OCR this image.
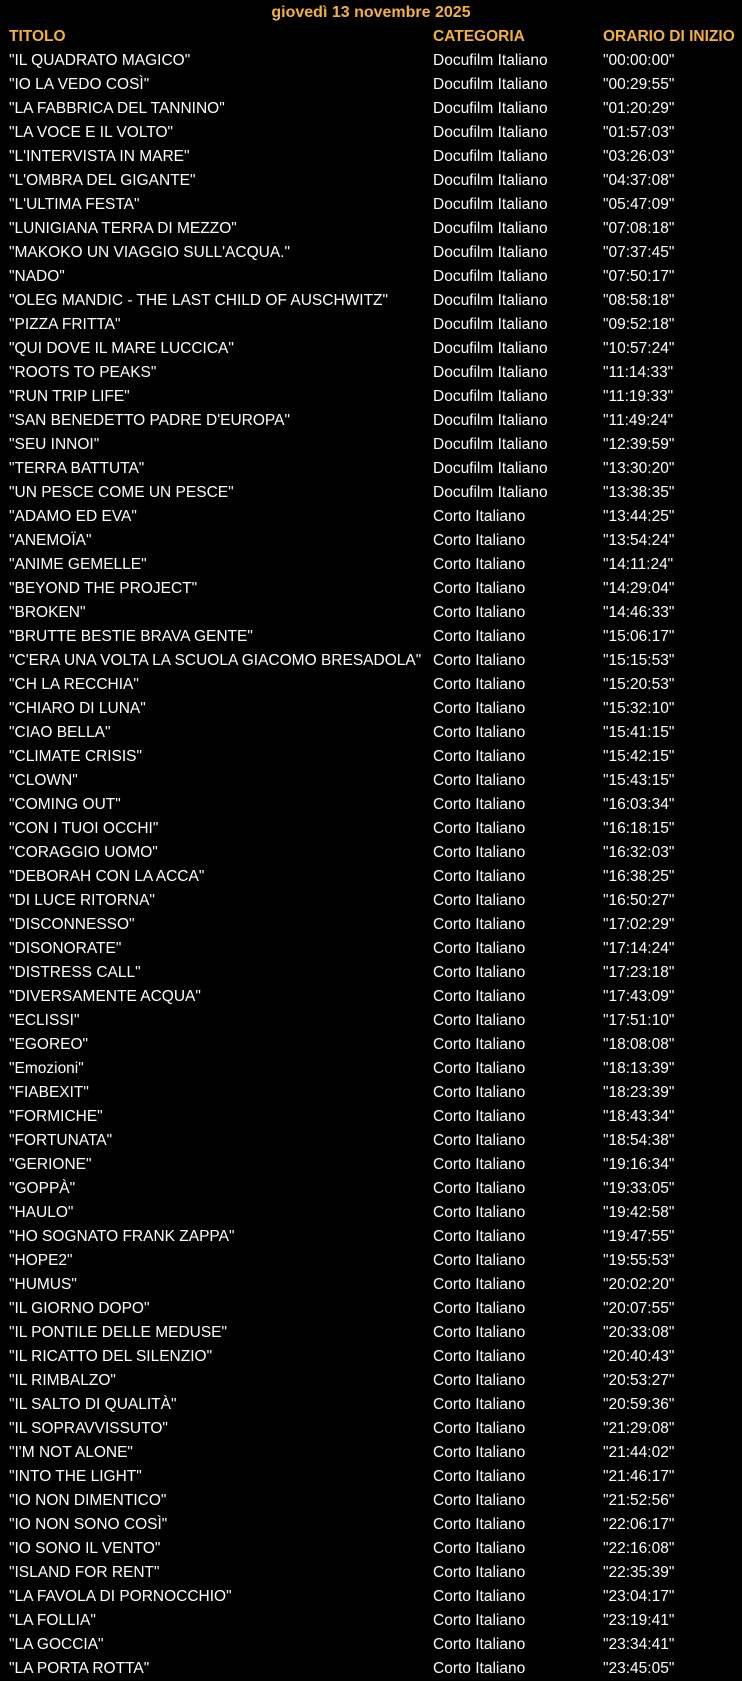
giovedì 13 novembre 2025
TITOLO	CATEGORIA	ORARIO DI INIZIO
"IL QUADRATO MAGICO"	Docufilm Italiano	"00:00:00"
"IO LA VEDO COSÌ"	Docufilm Italiano	"00:29:55"
"LA FABBRICA DEL TANNINO"	Docufilm Italiano	"01:20:29"
"LA VOCE E IL VOLTO"	Docufilm Italiano	"01:57:03"
"L'INTERVISTA IN MARE"	Docufilm Italiano	"03:26:03"
"L'OMBRA DEL GIGANTE"	Docufilm Italiano	"04:37:08"
"L'ULTIMA FESTA"	Docufilm Italiano	"05:47:09"
"LUNIGIANA TERRA DI MEZZO"	Docufilm Italiano	"07:08:18"
"MAKOKO UN VIAGGIO SULL'ACQUA."	Docufilm Italiano	"07:37:45"
"NADO"	Docufilm Italiano	"07:50:17"
"OLEG MANDIC - THE LAST CHILD OF AUSCHWITZ"	Docufilm Italiano	"08:58:18"
"PIZZA FRITTA"	Docufilm Italiano	"09:52:18"
"QUI DOVE IL MARE LUCCICA"	Docufilm Italiano	"10:57:24"
"ROOTS TO PEAKS"	Docufilm Italiano	"11:14:33"
"RUN TRIP LIFE"	Docufilm Italiano	"11:19:33"
"SAN BENEDETTO PADRE D'EUROPA"	Docufilm Italiano	"11:49:24"
"SEU INNOI"	Docufilm Italiano	"12:39:59"
"TERRA BATTUTA"	Docufilm Italiano	"13:30:20"
"UN PESCE COME UN PESCE"	Docufilm Italiano	"13:38:35"
"ADAMO ED EVA"	Corto Italiano	"13:44:25"
"ANEMOÏA"	Corto Italiano	"13:54:24"
"ANIME GEMELLE"	Corto Italiano	"14:11:24"
"BEYOND THE PROJECT"	Corto Italiano	"14:29:04"
"BROKEN"	Corto Italiano	"14:46:33"
"BRUTTE BESTIE BRAVA GENTE"	Corto Italiano	"15:06:17"
"C'ERA UNA VOLTA LA SCUOLA GIACOMO BRESADOLA" Corto Italiano	"15:15:53"
"CH LA RECCHIA"	Corto Italiano	"15:20:53"
"CHIARO DI LUNA"	Corto Italiano	"15:32:10"
"CIAO BELLA"	Corto Italiano	"15:41:15"
"CLIMATE CRISIS"	Corto Italiano	"15:42:15"
"CLOWN"	Corto Italiano	"15:43:15"
"COMING OUT"	Corto Italiano	"16:03:34"
"CON I TUOI OCCHI"	Corto Italiano	"16:18:15"
"CORAGGIO UOMO"	Corto Italiano	"16:32:03"
"DEBORAH CON LA ACCA"	Corto Italiano	"16:38:25"
"DI LUCE RITORNA"	Corto Italiano	"16:50:27"
"DISCONNESSO"	Corto Italiano	"17:02:29"
"DISONORATE"	Corto Italiano	"17:14:24"
"DISTRESS CALL"	Corto Italiano	"17:23:18"
"DIVERSAMENTE ACQUA"	Corto Italiano	"17:43:09"
"ECLISSI"	Corto Italiano	"17:51:10"
"EGOREO"	Corto Italiano	"18:08:08"
"Emozioni"	Corto Italiano	"18:13:39"
"FIABEXIT"	Corto Italiano	"18:23:39"
"FORMICHE"	Corto Italiano	"18:43:34"
"FORTUNATA"	Corto Italiano	"18:54:38"
"GERIONE"	Corto Italiano	"19:16:34"
"GOPPÀ"	Corto Italiano	"19:33:05"
"HAULO"	Corto Italiano	"19:42:58"
"HO SOGNATO FRANK ZAPPA"	Corto Italiano	"19:47:55"
"HOPE2"	Corto Italiano	"19:55:53"
"HUMUS"	Corto Italiano	"20:02:20"
"IL GIORNO DOPO"	Corto Italiano	"20:07:55"
"IL PONTILE DELLE MEDUSE"	Corto Italiano	"20:33:08"
"IL RICATTO DEL SILENZIO"	Corto Italiano	"20:40:43"
"IL RIMBALZO"	Corto Italiano	"20:53:27"
"IL SALTO DI QUALITÀ"	Corto Italiano	"20:59:36"
"IL SOPRAVVISSUTO"	Corto Italiano	"21:29:08"
"I'M NOT ALONE"	Corto Italiano	"21:44:02"
"INTO THE LIGHT"	Corto Italiano	"21:46:17"
"IO NON DIMENTICO"	Corto Italiano	"21:52:56"
"IO NON SONO COSÌ"	Corto Italiano	"22:06:17"
"IO SONO IL VENTO"	Corto Italiano	"22:16:08"
"ISLAND FOR RENT"	Corto Italiano	"22:35:39"
"LA FAVOLA DI PORNOCCHIO"	Corto Italiano	"23:04:17"
"LA FOLLIA"	Corto Italiano	"23:19:41"
"LA GOCCIA"	Corto Italiano	"23:34:41"
"LA PORTA ROTTA"	Corto Italiano	"23:45:05"
